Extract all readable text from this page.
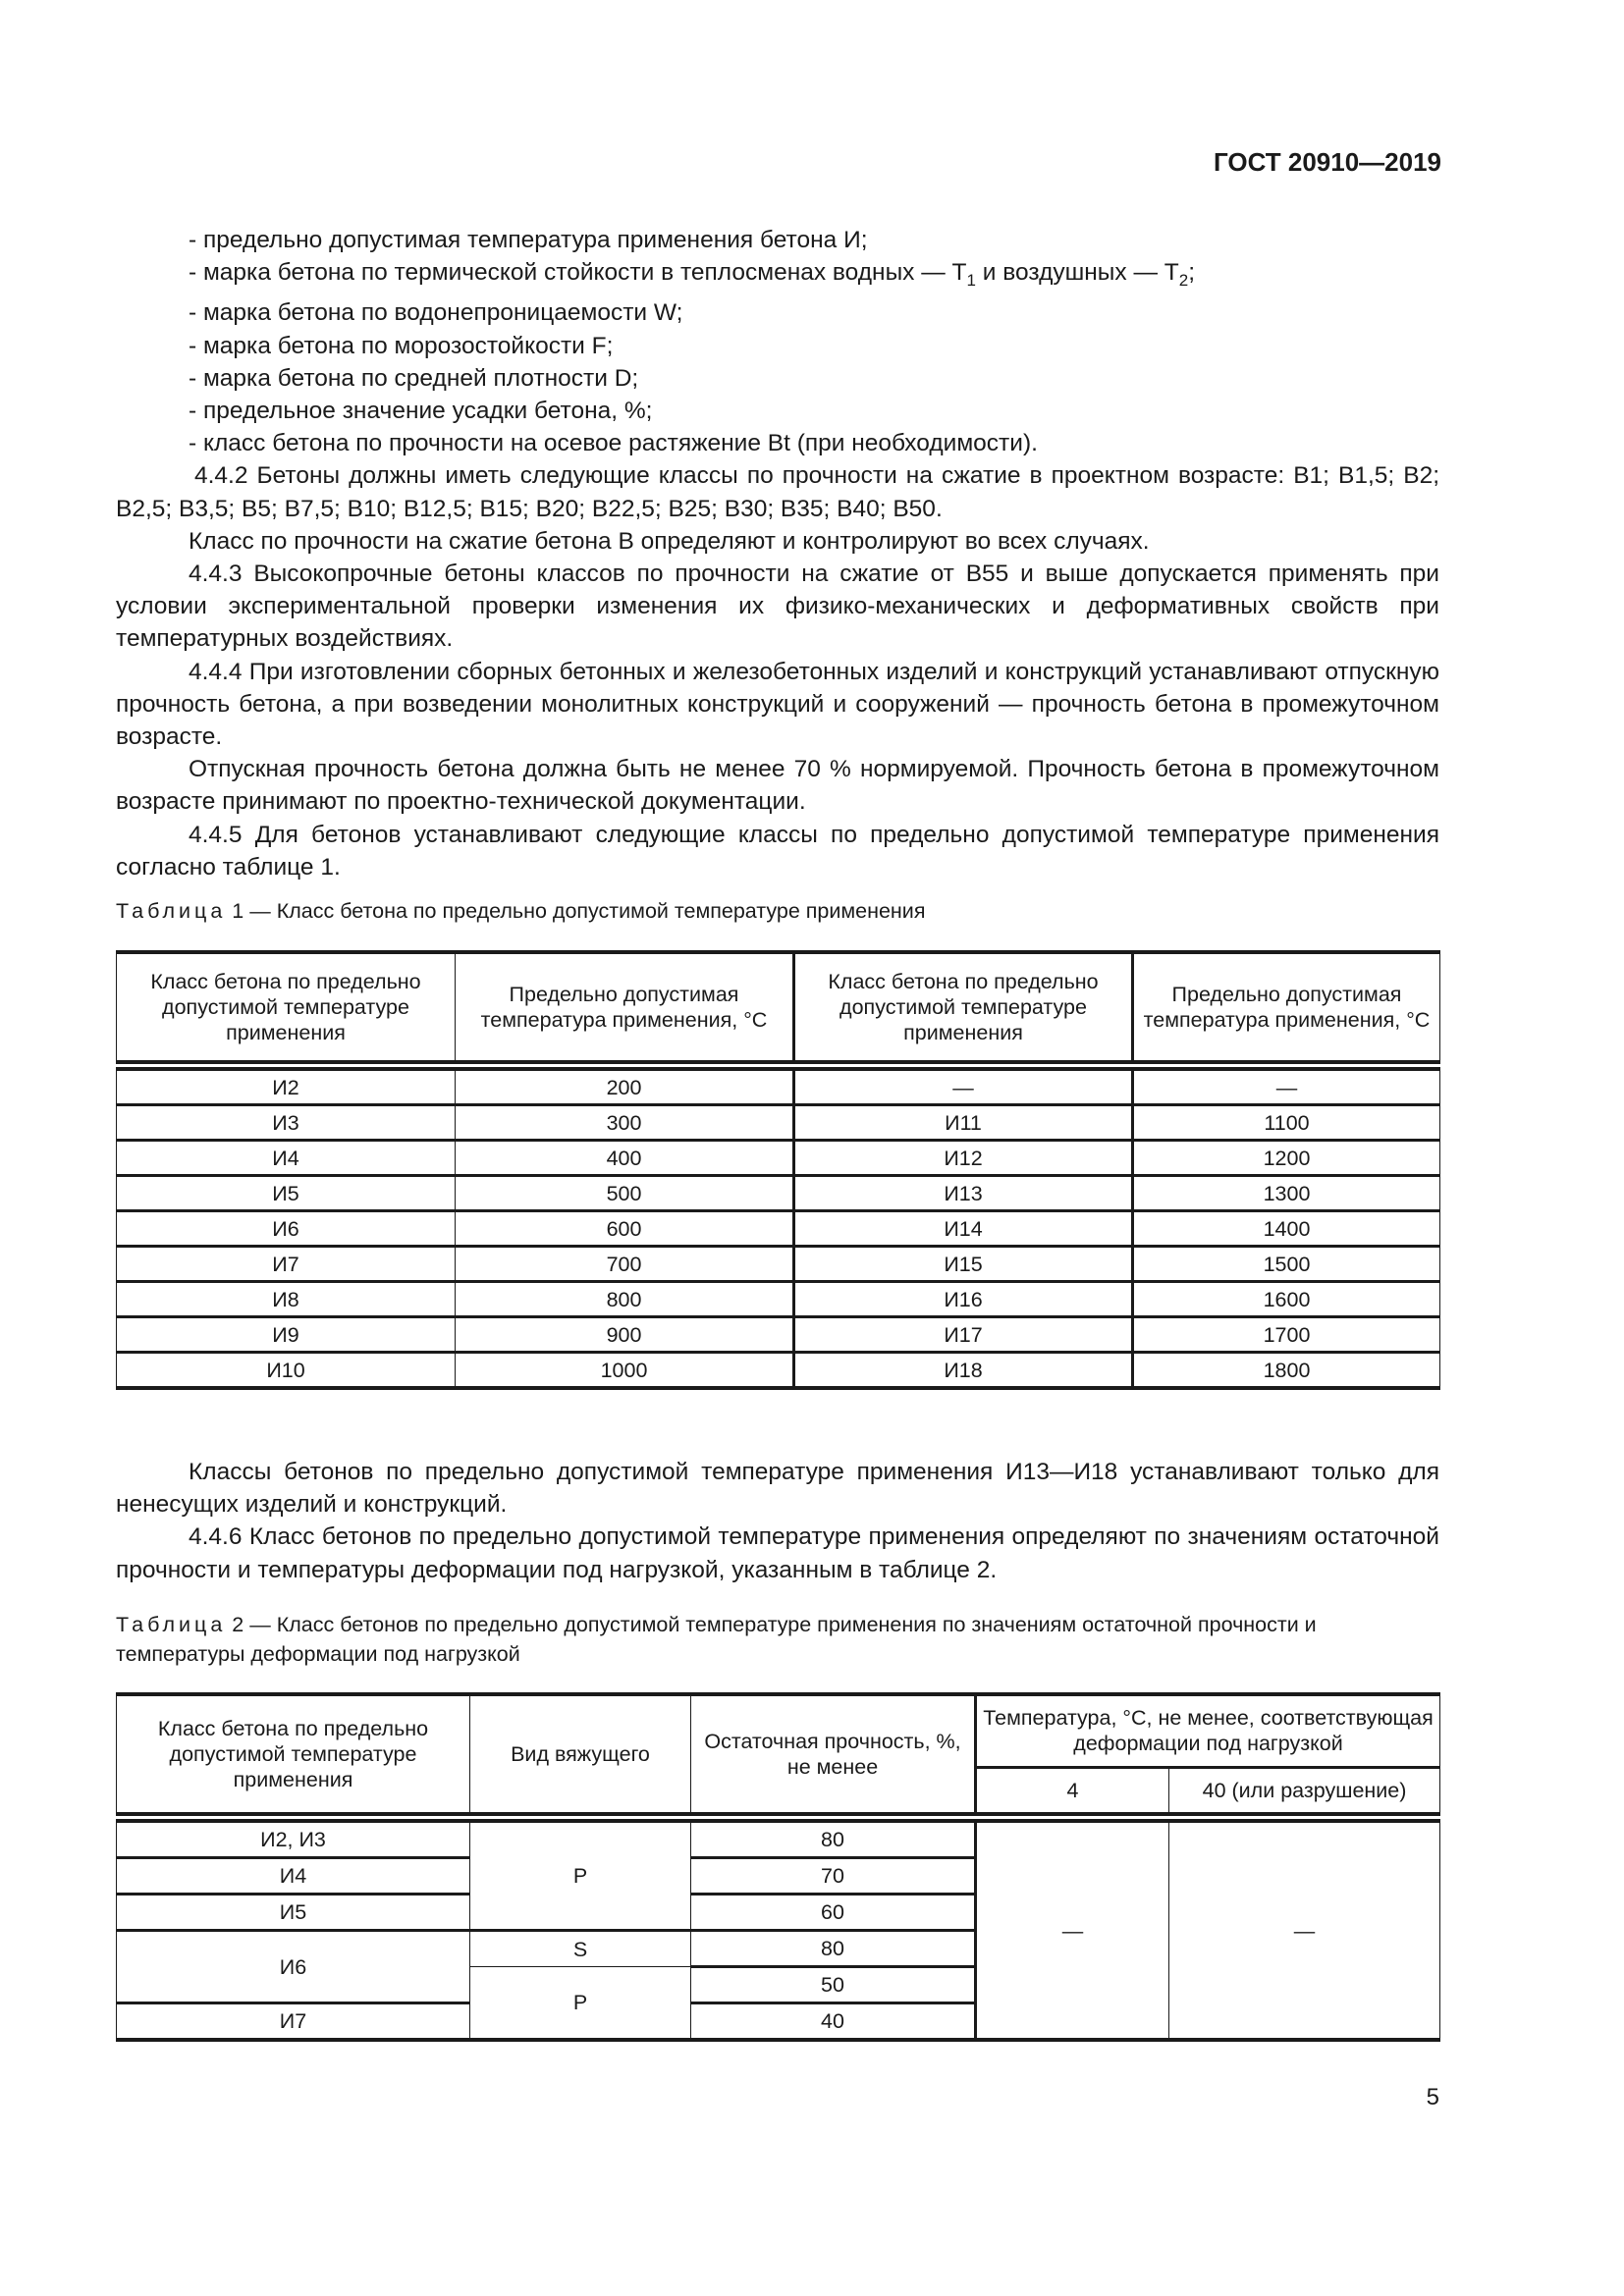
ГОСТ 20910—2019

- предельно допустимая температура применения бетона И;

- марка бетона по термической стойкости в теплосменах водных — $T_1$ и воздушных — $T_2$;

- марка бетона по водонепроницаемости W;

- марка бетона по морозостойкости F;

- марка бетона по средней плотности D;

- предельное значение усадки бетона, %;

- класс бетона по прочности на осевое растяжение Bt (при необходимости).

4.4.2 Бетоны должны иметь следующие классы по прочности на сжатие в проектном возрасте: B1; B1,5; B2; B2,5; B3,5; B5; B7,5; B10; B12,5; B15; B20; B22,5; B25; B30; B35; B40; B50.

Класс по прочности на сжатие бетона B определяют и контролируют во всех случаях.

4.4.3 Высокопрочные бетоны классов по прочности на сжатие от B55 и выше допускается применять при условии экспериментальной проверки изменения их физико-механических и деформативных свойств при температурных воздействиях.

4.4.4 При изготовлении сборных бетонных и железобетонных изделий и конструкций устанавливают отпускную прочность бетона, а при возведении монолитных конструкций и сооружений — прочность бетона в промежуточном возрасте.

Отпускная прочность бетона должна быть не менее 70 % нормируемой. Прочность бетона в промежуточном возрасте принимают по проектно-технической документации.

4.4.5 Для бетонов устанавливают следующие классы по предельно допустимой температуре применения согласно таблице 1.

Таблица 1 — Класс бетона по предельно допустимой температуре применения
Класс бетона по предельно допустимой температуре применения	Предельно допустимая температура применения, °C	Класс бетона по предельно допустимой температуре применения	Предельно допустимая температура применения, °C

И2	200	—	—
И3	300	И11	1100
И4	400	И12	1200
И5	500	И13	1300
И6	600	И14	1400
И7	700	И15	1500
И8	800	И16	1600
И9	900	И17	1700
И10	1000	И18	1800

Классы бетонов по предельно допустимой температуре применения И13—И18 устанавливают только для ненесущих изделий и конструкций.

4.4.6 Класс бетонов по предельно допустимой температуре применения определяют по значениям остаточной прочности и температуры деформации под нагрузкой, указанным в таблице 2.

Таблица 2 — Класс бетонов по предельно допустимой температуре применения по значениям остаточной прочности и температуры деформации под нагрузкой
Класс бетона по предельно допустимой температуре применения	Вид вяжущего	Остаточная прочность, %, не менее	Температура, °C, не менее, соответствующая деформации под нагрузкой	
			4	40 (или разрушение)

И2, И3	P	80	—	—
И4		70		
И5		60		
И6	S	80		
	P	50		
И7		40		
5
